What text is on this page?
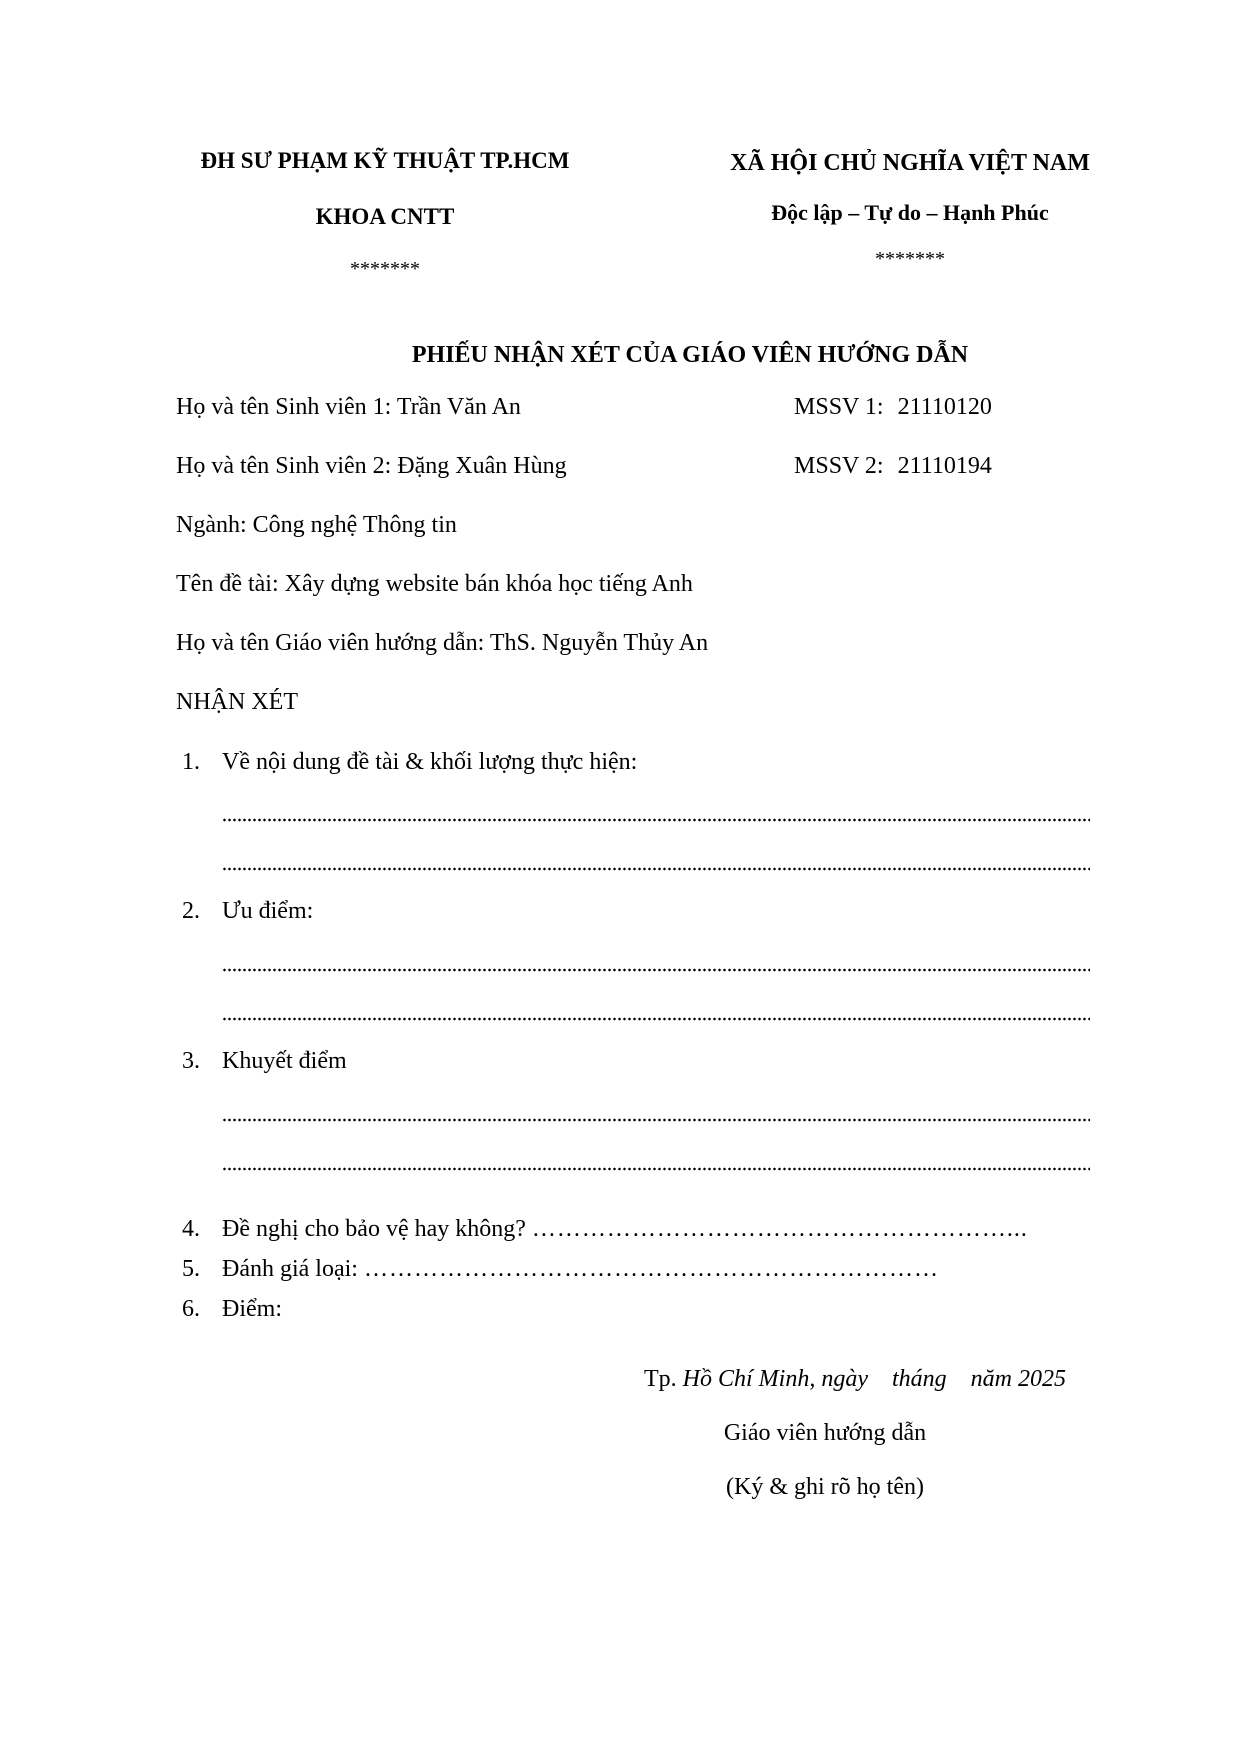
ĐH SƯ PHẠM KỸ THUẬT TP.HCM
KHOA CNTT
*******
XÃ HỘI CHỦ NGHĨA VIỆT NAM
Độc lập – Tự do – Hạnh Phúc
*******
PHIẾU NHẬN XÉT CỦA GIÁO VIÊN HƯỚNG DẪN
Họ và tên Sinh viên 1: Trần Văn An	MSSV 1: 21110120
Họ và tên Sinh viên 2: Đặng Xuân Hùng	MSSV 2: 21110194
Ngành: Công nghệ Thông tin
Tên đề tài: Xây dựng website bán khóa học tiếng Anh
Họ và tên Giáo viên hướng dẫn: ThS. Nguyễn Thủy An
NHẬN XÉT
1. Về nội dung đề tài & khối lượng thực hiện:
2. Ưu điểm:
3. Khuyết điểm
4. Đề nghị cho bảo vệ hay không? …………………………………………………...
5. Đánh giá loại: ……………………………………………………………
6. Điểm:
Tp. Hồ Chí Minh, ngày    tháng    năm 2025
Giáo viên hướng dẫn
(Ký & ghi rõ họ tên)
